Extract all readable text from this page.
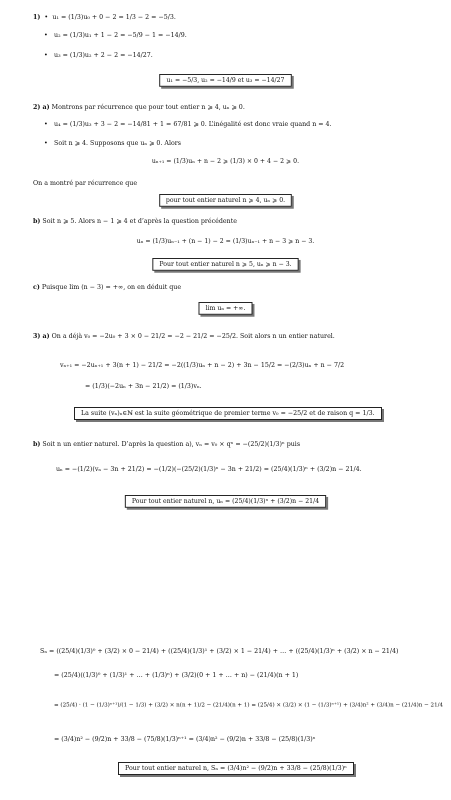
1)  • u₁ = (1/3)u₀ + 0 − 2 = 1/3 − 2 = −5/3.
• u₂ = (1/3)u₁ + 1 − 2 = −5/9 − 1 = −14/9.
• u₃ = (1/3)u₂ + 2 − 2 = −14/27.
u₁ = −5/3, u₂ = −14/9 et u₃ = −14/27
2) a) Montrons par récurrence que pour tout entier n ⩾ 4, uₙ ⩾ 0.
• u₄ = (1/3)u₃ + 3 − 2 = −14/81 + 1 = 67/81 ⩾ 0. L’inégalité est donc vraie quand n = 4.
• Soit n ⩾ 4. Supposons que uₙ ⩾ 0. Alors
uₙ₊₁ = (1/3)uₙ + n − 2 ⩾ (1/3) × 0 + 4 − 2 ⩾ 0.
On a montré par récurrence que
pour tout entier naturel n ⩾ 4, uₙ ⩾ 0.
b) Soit n ⩾ 5. Alors n − 1 ⩾ 4 et d’après la question précédente
uₙ = (1/3)uₙ₋₁ + (n − 1) − 2 = (1/3)uₙ₋₁ + n − 3 ⩾ n − 3.
Pour tout entier naturel n ⩾ 5, uₙ ⩾ n − 3.
c) Puisque lim (n − 3) = +∞, on en déduit que
lim uₙ = +∞.
3) a) On a déjà v₀ = −2u₀ + 3 × 0 − 21/2 = −2 − 21/2 = −25/2. Soit alors n un entier naturel.
vₙ₊₁ = −2uₙ₊₁ + 3(n + 1) − 21/2 = −2((1/3)uₙ + n − 2) + 3n − 15/2 = −(2/3)uₙ + n − 7/2
= (1/3)(−2uₙ + 3n − 21/2) = (1/3)vₙ.
La suite (vₙ)ₙ∈ℕ est la suite géométrique de premier terme v₀ = −25/2 et de raison q = 1/3.
b) Soit n un entier naturel. D’après la question a), vₙ = v₀ × qⁿ = −(25/2)(1/3)ⁿ puis
uₙ = −(1/2)(vₙ − 3n + 21/2) = −(1/2)(−(25/2)(1/3)ⁿ − 3n + 21/2) = (25/4)(1/3)ⁿ + (3/2)n − 21/4.
Pour tout entier naturel n, uₙ = (25/4)(1/3)ⁿ + (3/2)n − 21/4
Sₙ = ((25/4)(1/3)⁰ + (3/2) × 0 − 21/4) + ((25/4)(1/3)¹ + (3/2) × 1 − 21/4) + … + ((25/4)(1/3)ⁿ + (3/2) × n − 21/4)
= (25/4)((1/3)⁰ + (1/3)¹ + … + (1/3)ⁿ) + (3/2)(0 + 1 + … + n) − (21/4)(n + 1)
= (25/4) · (1 − (1/3)ⁿ⁺¹)/(1 − 1/3) + (3/2) × n(n + 1)/2 − (21/4)(n + 1) = (25/4) × (3/2) × (1 − (1/3)ⁿ⁺¹) + (3/4)n² + (3/4)n − (21/4)n − 21/4
= (3/4)n² − (9/2)n + 33/8 − (75/8)(1/3)ⁿ⁺¹ = (3/4)n² − (9/2)n + 33/8 − (25/8)(1/3)ⁿ
Pour tout entier naturel n, Sₙ = (3/4)n² − (9/2)n + 33/8 − (25/8)(1/3)ⁿ
